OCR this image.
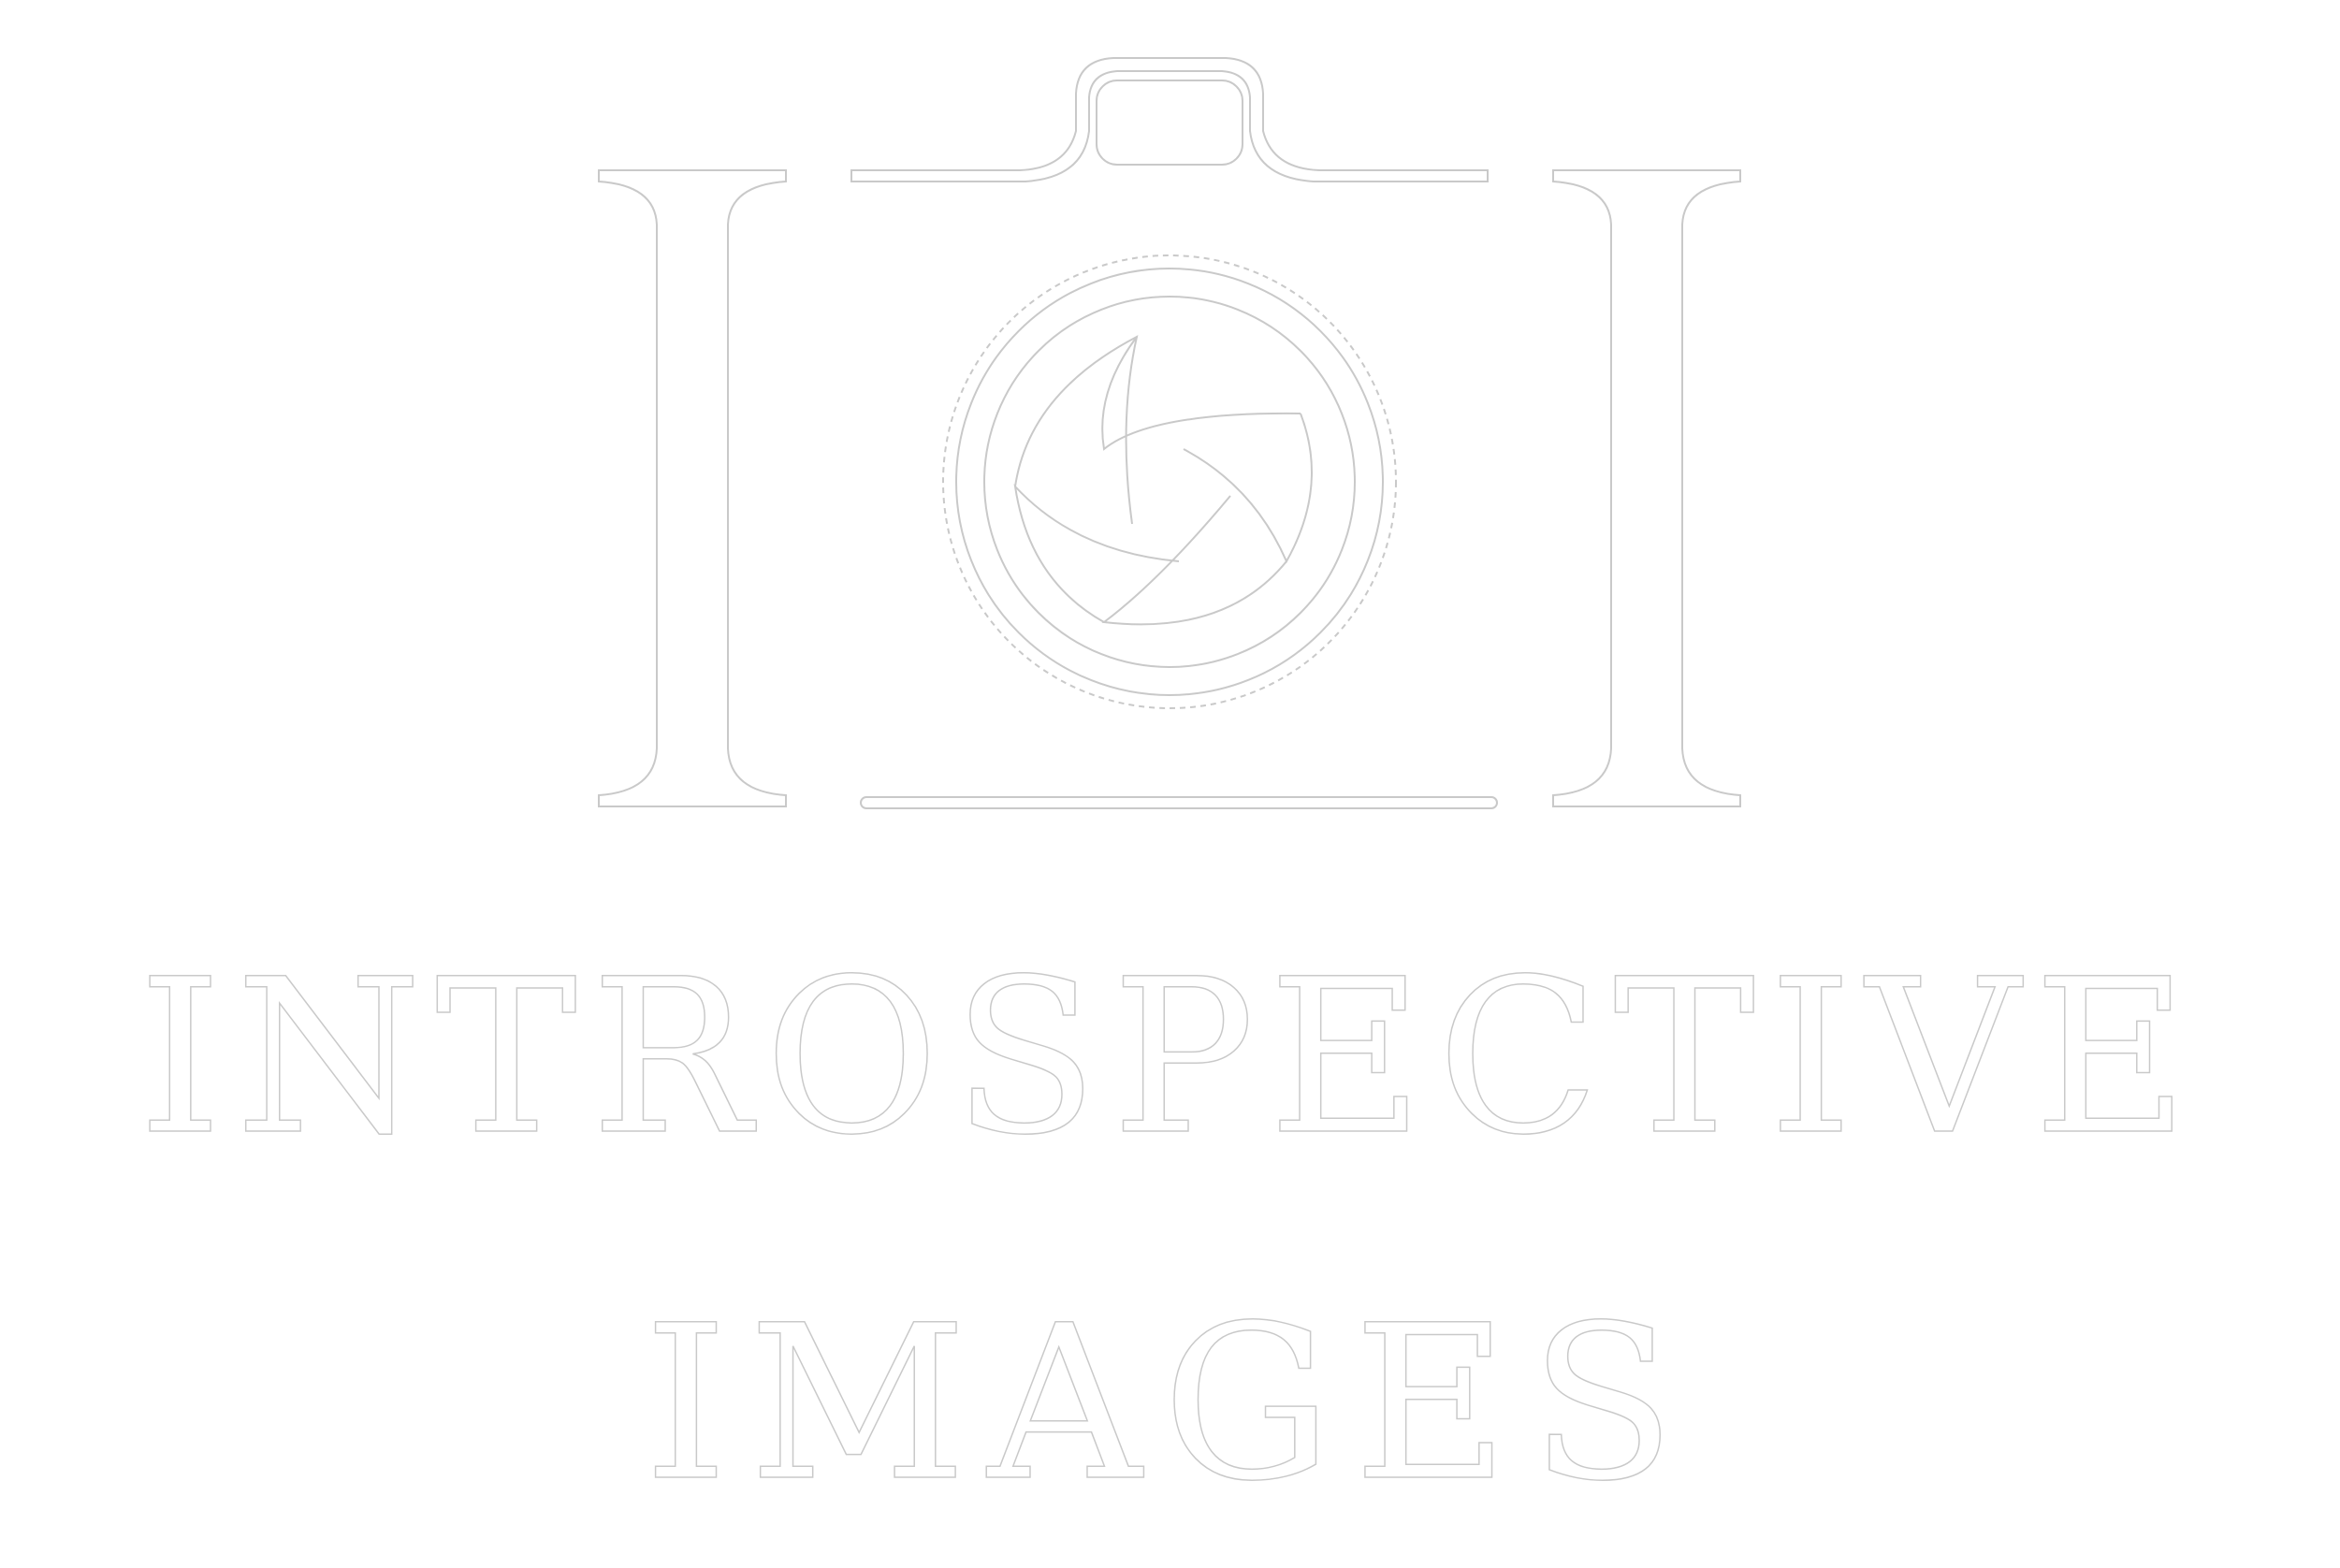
INTROSPECTIVE
IMAGES
